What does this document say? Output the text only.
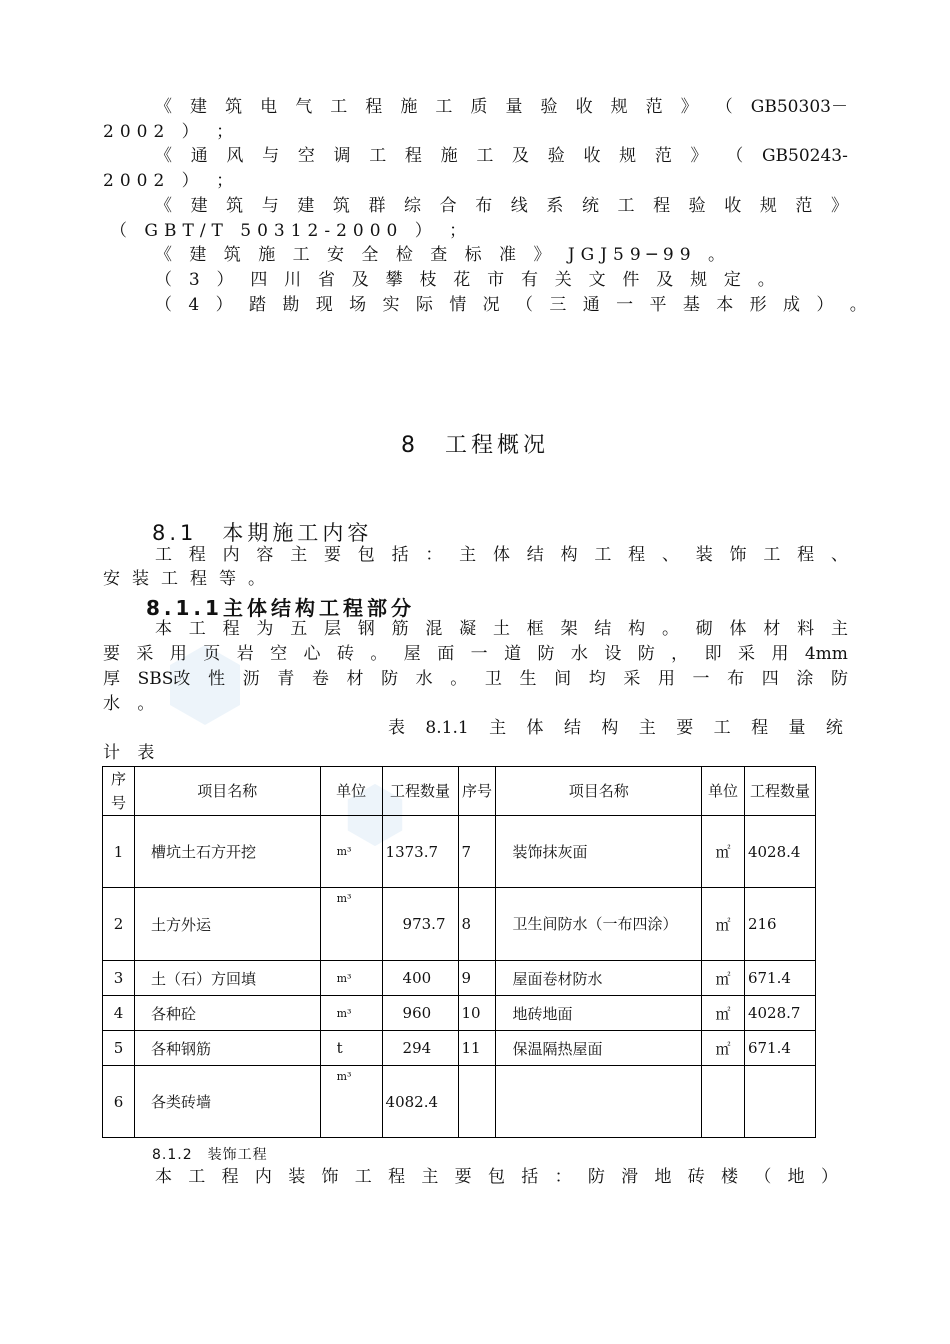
《 建 筑 电 气 工 程 施 工 质 量 验 收 规 范 》 （ GB50303－
2002 ） ；
《 通 风 与 空 调 工 程 施 工 及 验 收 规 范 》 （ GB50243-
2002 ） ；
《 建 筑 与 建 筑 群 综 合 布 线 系 统 工 程 验 收 规 范 》
（ GBT/T 50312-2000 ） ；
《 建 筑 施 工 安 全 检 查 标 准 》 JGJ59─99 。
（ 3 ） 四 川 省 及 攀 枝 花 市 有 关 文 件 及 规 定 。
（ 4 ） 踏 勘 现 场 实 际 情 况 （ 三 通 一 平 基 本 形 成 ） 。
8　工程概况
8.1　本期施工内容
工 程 内 容 主 要 包 括 ： 主 体 结 构 工 程 、 装 饰 工 程 、
安装工程等。
8.1.1主体结构工程部分
本 工 程 为 五 层 钢 筋 混 凝 土 框 架 结 构 。 砌 体 材 料 主
要 采 用 页 岩 空 心 砖 。 屋 面 一 道 防 水 设 防 ， 即 采 用 4mm
厚 SBS改 性 沥 青 卷 材 防 水 。 卫 生 间 均 采 用 一 布 四 涂 防
水 。
表 8.1.1 主 体 结 构 主 要 工 程 量 统
计 表
序号	项目名称	单位	工程数量	序号	项目名称	单位	工程数量
1	槽坑土石方开挖	m³	1373.7	7	装饰抹灰面	㎡	4028.4
2	土方外运	m³	973.7	8	卫生间防水（一布四涂）	㎡	216
3	土（石）方回填	m³	400	9	屋面卷材防水	㎡	671.4
4	各种砼	m³	960	10	地砖地面	㎡	4028.7
5	各种钢筋	t	294	11	保温隔热屋面	㎡	671.4
6	各类砖墙	m³	4082.4				
8.1.2　装饰工程
本 工 程 内 装 饰 工 程 主 要 包 括 ： 防 滑 地 砖 楼 （ 地 ）
